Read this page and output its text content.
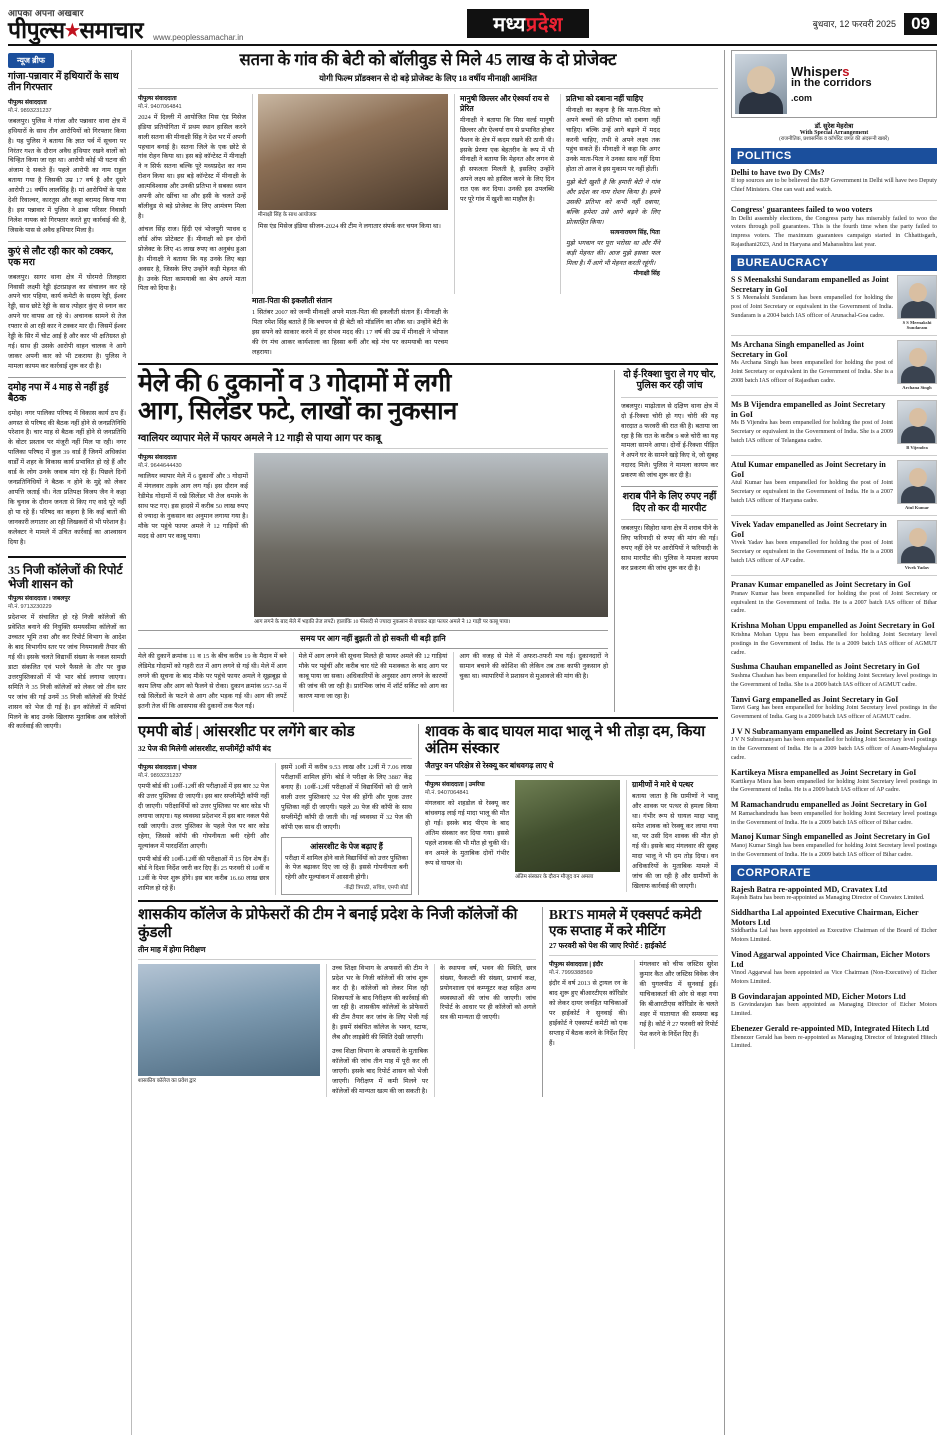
आपका अपना अखबार
पीपुल्स★समाचार www.peoplessamachar.in
मध्यप्रदेश	बुधवार, 12 फरवरी 2025 09
न्यूज ब्रीफ
गांजा-पन्नावार में हथियारों के साथ तीन गिरफ्तार
पीपुल्स संवाददाता
मो.नं. 9893231237
जबलपुर। पुलिस ने गांजा और पन्नावार थाना क्षेत्र में हथियारों के साथ तीन आरोपियों को गिरफ्तार किया है। यह पुलिस ने बताया कि ज्ञात पर्व में सूचना पर निरंतर गश्त के दौरान अवैध हथियार रखने वालों को चिन्हित किया जा रहा था। आरोपी कोई भी घटना की अंजाम दे सकते हैं। पहले आरोपी का नाम राहुल बताया गया है जिसकी उम्र 17 वर्ष है और दूसरे आरोपी 21 वर्षीय लालसिंह है। मां आरोपियों के पास देशी रिवाल्वर, कारतूस और कट्टा बरामद किया गया है। इस पन्नावार में पुलिस ने ढाबा परिसर निवासी निलेश नायक को गिरफ्तार करते हुए कार्रवाई की है, जिसके पास से अवैध हथियार मिला है।
कुएं से लौट रही कार को टक्कर, एक मरा
जबलपुर। सागर थाना क्षेत्र में घोरमरो तिलहारा निवासी लक्ष्मी रेड्डी इंटरप्राइज का संचालन कर रहे अपने चार पहिया, कार्य कमेटी के सदस्य रेड्डी, ईश्वर रेड्डी, साथ छोटे रेड्डी के साथ त्योहार कुंए से स्नान कर अपने घर वापस आ रहे थे। अचानक सामने से तेज रफ्तार से आ रही कार ने टक्कर मार दी। जिसमें ईश्वर रेड्डी के सिर में चोट आई है और कार भी क्षतिग्रस्त हो गई। साथ ही उसके आरोपी वाहन चालक ने आगे जाकर अपनी कार को भी टकराया है। पुलिस ने मामला कायम कर कार्रवाई शुरू कर दी है।
दमोह नपा में 4 माह से नहीं हुई बैठक
दमोह। नगर पालिका परिषद में विकास कार्य ठप हैं। अगस्त से परिषद की बैठक नहीं होने से जनप्रतिनिधि परेशान है। चार माह से बैठक नहीं होने से जनप्रतिधि के वोटर प्रस्ताव पर मंजूरी नहीं मिल पा रही। नगर पालिका परिषद में कुल 39 वार्ड हैं जिनमें अधिकांश वार्डों में शहर के विकास कार्य प्रभावित हो रहे हैं और वार्ड के लोग उनके जवाब मांग रहे हैं। पिछले दिनों जनप्रतिनिधियों ने बैठक न होने के मुद्दे को लेकर आपत्ति जताई थी। नेता प्रतिपक्ष विजय जैन ने कहा कि चुनाव के दौरान जनता से किए गए वादे पूरे नहीं हो पा रहे हैं। परिषद का कहना है कि कई बातों की जानकारी लगातार आ रही लिखकरों से भी परेशान है। कलेक्टर ने मामले में उचित कार्रवाई का आश्वासन दिया है।
35 निजी कॉलेजों की रिपोर्ट भेजी शासन को
पीपुल्स संवाददाता । जबलपुर
मो.नं. 9713230229
प्रदेशभर में संचालित हो रहे निजी कॉलेजों की प्रवेशित बनाने की नियुक्ति समयसीमा कॉलेजों का उच्चतर भूमि तथा और कर रिपोर्ट विभाग के आदेश के बाद विभागीय स्तर पर जांच नियमावली तैयार की गई थी। इसके चलते विद्यार्थी संख्या के नकल सामग्री डाटा संकलित एवं भरने फैसले के तौर पर कुछ उत्तरपुस्तिकाओं में भी भार बोर्ड लगाया जाएगा। समिति ने 35 निजी कॉलेजों को लेकर जो तीन स्तर पर जांच की गई उनमें 35 निजी कॉलेजों की रिपोर्ट शासन को भेज दी गई है। इन कॉलेजों में कमियां मिलने के बाद उनके खिलाफ मुताबिक अब कॉलेजों की कार्रवाई की जाएगी।
सतना के गांव की बेटी को बॉलीवुड से मिले 45 लाख के दो प्रोजेक्ट
योगी फिल्म प्रॉडक्शन से दो बड़े प्रोजेक्ट के लिए 18 वर्षीय मीनाक्षी आमंत्रित
पीपुल्स संवाददाता
मो.नं. 9407064841
2024 में दिल्ली में आयोजित मिस एंड मिसेज इंडिया प्रतियोगिता में प्रथम स्थान हासिल करने वाली सतना की मीनाक्षी सिंह ने देश भर में अपनी पहचान बनाई है। सतना जिले के एक छोटे से गांव रोहन किया था। इस बड़े कॉन्टेस्ट में मीनाक्षी ने न सिर्फ सतना बल्कि पूरे मध्यप्रदेश का नाम रोशन किया था। इस बड़े कॉन्टेस्ट में मीनाक्षी के आत्मविश्वास और उनकी प्रतिभा ने सबका ध्यान अपनी ओर खींचा था और इसी के चलते उन्हें बॉलीवुड से बड़े प्रोजेक्ट के लिए आमंत्रण मिला है।
आंचल सिंह राज। हिंदी एवं भोजपुरी 'माधव द लॉर्ड ऑफ प्रोटेक्टर' हैं। मीनाक्षी को इन दोनों प्रोजेक्ट के लिए 45 लाख रुपए का अनुबंध हुआ है। मीनाक्षी ने बताया कि यह उनके लिए बड़ा अवसर है, जिसके लिए उन्होंने कड़ी मेहनत की है। उनके पिता कामयाबी का श्रेय अपने माता पिता को दिया है।
मीनाक्षी सिंह के साथ आयोजक
मिस एंड मिसेज इंडिया सीजन-2024 की टीम ने लगातार संपर्क कर चयन किया था।
मानुषी छिल्लर और ऐश्वर्या राय से प्रेरित
मीनाक्षी ने बताया कि मिस वर्ल्ड मानुषी छिल्लर और ऐश्वर्या राय से प्रभावित होकर फैशन के क्षेत्र में कदम रखने की ठानी थी। इसके प्रेरणा एक बेहतरीन के रूप में भी मीनाक्षी ने बताया कि मेहनत और लगन से ही सफलता मिलती है, इसलिए उन्होंने अपने लक्ष्य को हासिल करने के लिए दिन रात एक कर दिया। उनकी इस उपलब्धि पर पूरे गांव में खुशी का माहौल है।
प्रतिभा को दबाना नहीं चाहिए
मीनाक्षी का कहना है कि माता-पिता को अपने बच्चों की प्रतिभा को दबाना नहीं चाहिए। बल्कि उन्हें आगे बढ़ाने में मदद करनी चाहिए, तभी वे अपने लक्ष्य तक पहुंच सकते हैं। मीनाक्षी ने कहा कि अगर उनके माता-पिता ने उनका साथ नहीं दिया होता तो आज वे इस मुकाम पर नहीं होतीं।
मुझे बेटी खुशी है कि हमारी बेटी ने गांव और प्रदेश का नाम रोशन किया है। हमने उसकी प्रतिभा को कभी नहीं दबाया, बल्कि हमेशा उसे आगे बढ़ने के लिए प्रोत्साहित किया।
सत्यनारायण सिंह, पिता
मुझे भगवान पर पूरा भरोसा था और मैंने कड़ी मेहनत की। आज मुझे इसका फल मिला है। मैं आगे भी मेहनत करती रहूंगी।
मीनाक्षी सिंह
माता-पिता की इकलौती संतान
1 सितंबर 2007 को जन्मी मीनाक्षी अपने माता-पिता की इकलौती संतान हैं। मीनाक्षी के पिता रमेश सिंह बताते हैं कि बचपन से ही बेटी को मॉडलिंग का शौक था। उन्होंने बेटी के इस सपने को साकार करने में हर संभव मदद की। 17 वर्ष की उम्र में मीनाक्षी ने भोपाल की रंग मंच आकर कार्यशाला का हिस्सा बनीं और बड़े मंच पर कामयाबी का परचम लहराया।
मेले की 6 दुकानों व 3 गोदामों में लगी
आग, सिलेंडर फटे, लाखों का नुकसान
ग्वालियर व्यापार मेले में फायर अमले ने 12 गाड़ी से पाया आग पर काबू
पीपुल्स संवाददाता
मो.नं. 9644644430
ग्वालियर व्यापार मेले में 6 दुकानों और 3 गोदामों में मंगलवार तड़के आग लग गई। इस दौरान कई रेडीमेड गोदामों में रखे सिलेंडर भी तेज धमाके के साथ फट गए। इस हादसे में करीब 50 लाख रुपए से ज्यादा के नुकसान का अनुमान लगाया गया है। मौके पर पहुंचे फायर अमले ने 12 गाड़ियों की मदद से आग पर काबू पाया।
आग लगने के बाद मेले में भड़की तेज लपटें। हालांकि 10 फीसदी से ज्यादा नुकसान से बचकर बड़ा फायर अमले ने 12 गाड़ी पर काबू पाया।
समय पर आग नहीं बुझती तो हो सकती थी बड़ी हानि
मेले की दुकानें क्रमांक 11 व 15 के बीच करीब 19 के मैदान में बने लेडिमेड गोदामों को गहरी रात में आग लगने से गई थी। मेले में आग लगने की सूचना के बाद मौके पर पहुंचे फायर अमले ने सूझबूझ से काम लिया और आग को फैलने से रोका। दुकान क्रमांक 957-58 में रखे सिलेंडरों के फटने से आग और भड़क गई थी। आग की लपटें इतनी तेज थीं कि आसपास की दुकानों तक फैल गईं।
मेले में आग लगने की सूचना मिलते ही फायर अमले की 12 गाड़ियां मौके पर पहुंचीं और करीब चार घंटे की मशक्कत के बाद आग पर काबू पाया जा सका। अधिकारियों के अनुसार आग लगने के कारणों की जांच की जा रही है। प्रारंभिक जांच में शॉर्ट सर्किट को आग का कारण माना जा रहा है।
आग की वजह से मेले में अफरा-तफरी मच गई। दुकानदारों ने सामान बचाने की कोशिश की लेकिन तब तक काफी नुकसान हो चुका था। व्यापारियों ने प्रशासन से मुआवजे की मांग की है।
दो ई-रिक्शा चुरा ले गए चोर, पुलिस कर रही जांच
जबलपुर। माढ़ोताल से दक्षिण थाना क्षेत्र में दो ई-रिक्शा चोरी हो गए। चोरी की यह वारदात 8 फरवरी की रात की है। बताया जा रहा है कि रात के करीब 9 बजे चोरी का यह मामला सामने आया। दोनों ई-रिक्शा पीड़ित ने अपने घर के सामने खड़े किए थे, जो सुबह नदारद मिले। पुलिस ने मामला कायम कर प्रकरण की जांच शुरू कर दी है।
शराब पीने के लिए रुपए नहीं दिए तो कर दी मारपीट
जबलपुर। सिहोरा थाना क्षेत्र में शराब पीने के लिए फरियादी से रुपए की मांग की गई। रुपए नहीं देने पर आरोपियों ने फरियादी के साथ मारपीट की। पुलिस ने मामला कायम कर प्रकरण की जांच शुरू कर दी है।
एमपी बोर्ड | आंसरशीट पर लगेंगे बार कोड
32 पेज की मिलेगी आंसरशीट, सप्लीमेंट्री कॉपी बंद
पीपुल्स संवाददाता | भोपाल
मो.नं. 9893231237
एमपी बोर्ड की 10वीं-12वीं की परीक्षाओं में इस बार 32 पेज की उत्तर पुस्तिका दी जाएगी। इस बार सप्लीमेंट्री कॉपी नहीं दी जाएगी। परीक्षार्थियों को उत्तर पुस्तिका पर बार कोड भी लगाया जाएगा। यह व्यवस्था प्रदेशभर में इस बार नकल पैसे रखी जाएगी। उत्तर पुस्तिका के पहले पेज पर बार कोड रहेगा, जिससे कॉपी की गोपनीयता बनी रहेगी और मूल्यांकन में पारदर्शिता आएगी।
एमपी बोर्ड की 10वीं-12वीं की परीक्षाओं में 15 दिन शेष हैं। बोर्ड ने दिशा निर्देश जारी कर दिए हैं। 25 फरवरी से 10वीं व 12वीं के पेपर शुरू होंगे। इस बार करीब 16.60 लाख छात्र शामिल हो रहे हैं।
इसमें 10वीं में करीब 9.53 लाख और 12वीं में 7.06 लाख परीक्षार्थी शामिल होंगे। बोर्ड ने परीक्षा के लिए 3887 केंद्र बनाए हैं। 10वीं-12वीं परीक्षाओं में विद्यार्थियों को दी जाने वाली उत्तर पुस्तिकाएं 32 पेज की होंगी और पूरक उत्तर पुस्तिका नहीं दी जाएगी। पहले 20 पेज की कॉपी के साथ सप्लीमेंट्री कॉपी दी जाती थी। नई व्यवस्था में 32 पेज की कॉपी एक साथ दी जाएगी।
आंसरशीट के पेज बढ़ाए हैं
परीक्षा में शामिल होने वाले विद्यार्थियों को उत्तर पुस्तिका के पेज बढ़ाकर दिए जा रहे हैं। इससे गोपनीयता बनी रहेगी और मूल्यांकन में आसानी होगी।
-केंद्री त्रिपाठी, सचिव, एमपी बोर्ड
शावक के बाद घायल मादा भालू ने भी तोड़ा दम, किया अंतिम संस्कार
जैतपुर वन परिक्षेत्र से रेस्क्यू कर बांधवगढ़ लाए थे
पीपुल्स संवाददाता | उमरिया
मो.नं. 9407064841
मंगलवार को शहडोल से रेस्क्यू कर बांधवगढ़ लाई गई मादा भालू की मौत हो गई। इसके बाद पीएम के बाद अंतिम संस्कार कर दिया गया। इससे पहले शावक की भी मौत हो चुकी थी। वन अमले के मुताबिक दोनों गंभीर रूप से घायल थे।
अंतिम संस्कार के दौरान मौजूद वन अमला
ग्रामीणों ने मारे थे पत्थर
बताया जाता है कि ग्रामीणों ने भालू और शावक पर पत्थर से हमला किया था। गंभीर रूप से घायल मादा भालू समेत शावक को रेस्क्यू कर लाया गया था, पर उसी दिन शावक की मौत हो गई थी। इसके बाद मंगलवार की सुबह मादा भालू ने भी दम तोड़ दिया। वन अधिकारियों के मुताबिक मामले में जांच की जा रही है और ग्रामीणों के खिलाफ कार्रवाई की जाएगी।
शासकीय कॉलेज के प्रोफेसरों की टीम ने बनाई प्रदेश के निजी कॉलेजों की कुंडली
तीन माह में होगा निरीक्षण
शासकीय कॉलेज का प्रवेश द्वार
उच्च शिक्षा विभाग के अफसरों की टीम ने प्रदेश भर के निजी कॉलेजों की जांच शुरू कर दी है। कॉलेजों को लेकर मिल रही शिकायतों के बाद निरीक्षण की कार्रवाई की जा रही है। शासकीय कॉलेजों के प्रोफेसरों की टीम तैयार कर जांच के लिए भेजी गई है। इसमें संबंधित कॉलेज के भवन, स्टाफ, लैब और लाइब्रेरी की स्थिति देखी जाएगी।
उच्च शिक्षा विभाग के अफसरों के मुताबिक कॉलेजों की जांच तीन माह में पूरी कर ली जाएगी। इसके बाद रिपोर्ट शासन को भेजी जाएगी। निरीक्षण में कमी मिलने पर कॉलेजों की मान्यता खत्म की जा सकती है।
के स्थापना वर्ष, भवन की स्थिति, छात्र संख्या, फैकल्टी की संख्या, प्राचार्य कक्ष, प्रयोगशाला एवं कम्प्यूटर कक्ष सहित अन्य व्यवस्थाओं की जांच की जाएगी। जांच रिपोर्ट के आधार पर ही कॉलेजों को अगले सत्र की मान्यता दी जाएगी।
BRTS मामले में एक्सपर्ट कमेटी एक सप्ताह में करे मीटिंग
27 फरवरी को पेश की जाए रिपोर्ट : हाईकोर्ट
पीपुल्स संवाददाता | इंदौर
मो.नं. 7999388569
इंदौर में वर्ष 2013 से ट्रायल रन के बाद शुरू हुए बीआरटीएस कॉरिडोर को लेकर दायर जनहित याचिकाओं पर हाईकोर्ट ने सुनवाई की। हाईकोर्ट ने एक्सपर्ट कमेटी को एक सप्ताह में बैठक करने के निर्देश दिए हैं।
मंगलवार को चीफ जस्टिस सुरेश कुमार कैत और जस्टिस विवेक जैन की युगलपीठ में सुनवाई हुई। याचिकाकर्ता की ओर से कहा गया कि बीआरटीएस कॉरिडोर के चलते शहर में यातायात की समस्या बढ़ गई है। कोर्ट ने 27 फरवरी को रिपोर्ट पेश करने के निर्देश दिए हैं।
Whispers
in the corridors
.com
डॉ. सुरेश मेहरोत्रा
With Special Arrangement
(राजनीतिक, प्रशासनिक व कॉर्पोरेट जगत की अंदरूनी खबरें)
POLITICS
Delhi to have two Dy CMs?
If top sources are to be believed the BJP Government in Delhi will have two Deputy Chief Ministers. One can wait and watch.
Congress' guarantees failed to woo voters
In Delhi assembly elections, the Congress party has miserably failed to woo the voters through poll guarantees. This is the fourth time when the party failed to impress voters. The maximum guarantees campaign started in Chhattisgarh, Rajasthani2023, And in Haryana and Maharashtra last year.
BUREAUCRACY
S S Meenakshi Sundaram empanelled as Joint Secretary in GoI
S S Meenakshi Sundaram has been empanelled for holding the post of Joint Secretary or equivalent in the Government of India. Sundaram is a 2004 batch IAS officer of Arunachal-Goa cadre.
S S Meenakshi Sundaram
Ms Archana Singh empanelled as Joint Secretary in GoI
Ms Archana Singh has been empanelled for holding the post of Joint Secretary or equivalent in the Government of India. She is a 2008 batch IAS officer of Rajasthan cadre.
Archana Singh
Ms B Vijendra empanelled as Joint Secretary in GoI
Ms B Vijendra has been empanelled for holding the post of Joint Secretary or equivalent in the Government of India. She is a 2009 batch IAS officer of Telangana cadre.
B Vijendra
Atul Kumar empanelled as Joint Secretary in GoI
Atul Kumar has been empanelled for holding the post of Joint Secretary or equivalent in the Government of India. He is a 2007 batch IAS officer of Haryana cadre.
Atul Kumar
Vivek Yadav empanelled as Joint Secretary in GoI
Vivek Yadav has been empanelled for holding the post of Joint Secretary or equivalent in the Government of India. He is a 2008 batch IAS officer of AP cadre.
Vivek Yadav
Pranav Kumar empanelled as Joint Secretary in GoI
Pranav Kumar has been empanelled for holding the post of Joint Secretary or equivalent in the Government of India. He is a 2007 batch IAS officer of Bihar cadre.
Krishna Mohan Uppu empanelled as Joint Secretary in GoI
Krishna Mohan Uppu has been empanelled for holding Joint Secretary level postings in the Government of India. He is a 2009 batch IAS officer of AGMUT cadre.
Sushma Chauhan empanelled as Joint Secretary in GoI
Sushma Chauhan has been empanelled for holding Joint Secretary level postings in the Government of India. She is a 2009 batch IAS officer of AGMUT cadre.
Tanvi Garg empanelled as Joint Secretary in GoI
Tanvi Garg has been empanelled for holding Joint Secretary level postings in the Government of India. Garg is a 2009 batch IAS officer of AGMUT cadre.
J V N Subramanyam empanelled as Joint Secretary in GoI
J V N Subramanyam has been empanelled for holding Joint Secretary level postings in the Government of India. He is a 2009 batch IAS officer of Assam-Meghalaya cadre.
Kartikeya Misra empanelled as Joint Secretary in GoI
Kartikeya Misra has been empanelled for holding Joint Secretary level postings in the Government of India. He is a 2009 batch IAS officer of AP cadre.
M Ramachandrudu empanelled as Joint Secretary in GoI
M Ramachandrudu has been empanelled for holding Joint Secretary level postings in the Government of India. He is a 2009 batch IAS officer of Bihar cadre.
Manoj Kumar Singh empanelled as Joint Secretary in GoI
Manoj Kumar Singh has been empanelled for holding Joint Secretary level postings in the Government of India. He is a 2009 batch IAS officer of Bihar cadre.
CORPORATE
Rajesh Batra re-appointed MD, Cravatex Ltd
Rajesh Batra has been re-appointed as Managing Director of Cravatex Limited.
Siddhartha Lal appointed Executive Chairman, Eicher Motors Ltd
Siddhartha Lal has been appointed as Executive Chairman of the Board of Eicher Motors Limited.
Vinod Aggarwal appointed Vice Chairman, Eicher Motors Ltd
Vinod Aggarwal has been appointed as Vice Chairman (Non-Executive) of Eicher Motors Limited.
B Govindarajan appointed MD, Eicher Motors Ltd
B Govindarajan has been appointed as Managing Director of Eicher Motors Limited.
Ebenezer Gerald re-appointed MD, Integrated Hitech Ltd
Ebenezer Gerald has been re-appointed as Managing Director of Integrated Hitech Limited.
